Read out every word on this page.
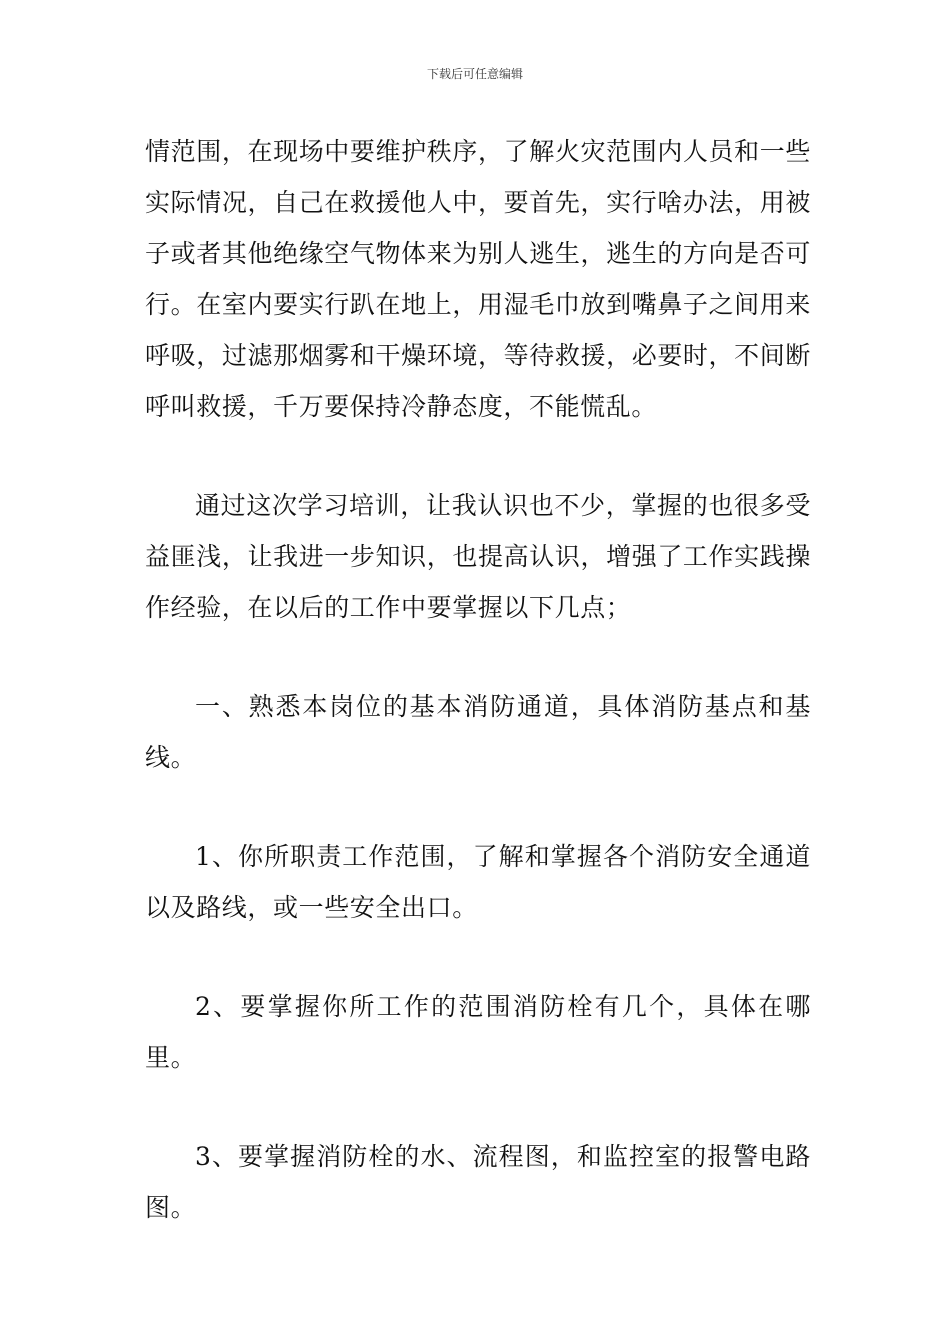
下载后可任意编辑

情范围，在现场中要维护秩序，了解火灾范围内人员和一些实际情况，自己在救援他人中，要首先，实行啥办法，用被子或者其他绝缘空气物体来为别人逃生，逃生的方向是否可行。在室内要实行趴在地上，用湿毛巾放到嘴鼻子之间用来呼吸，过滤那烟雾和干燥环境，等待救援，必要时，不间断呼叫救援，千万要保持冷静态度，不能慌乱。

通过这次学习培训，让我认识也不少，掌握的也很多受益匪浅，让我进一步知识，也提高认识，增强了工作实践操作经验，在以后的工作中要掌握以下几点；

一、熟悉本岗位的基本消防通道，具体消防基点和基线。

1、你所职责工作范围，了解和掌握各个消防安全通道以及路线，或一些安全出口。

2、要掌握你所工作的范围消防栓有几个，具体在哪里。

3、要掌握消防栓的水、流程图，和监控室的报警电路图。
